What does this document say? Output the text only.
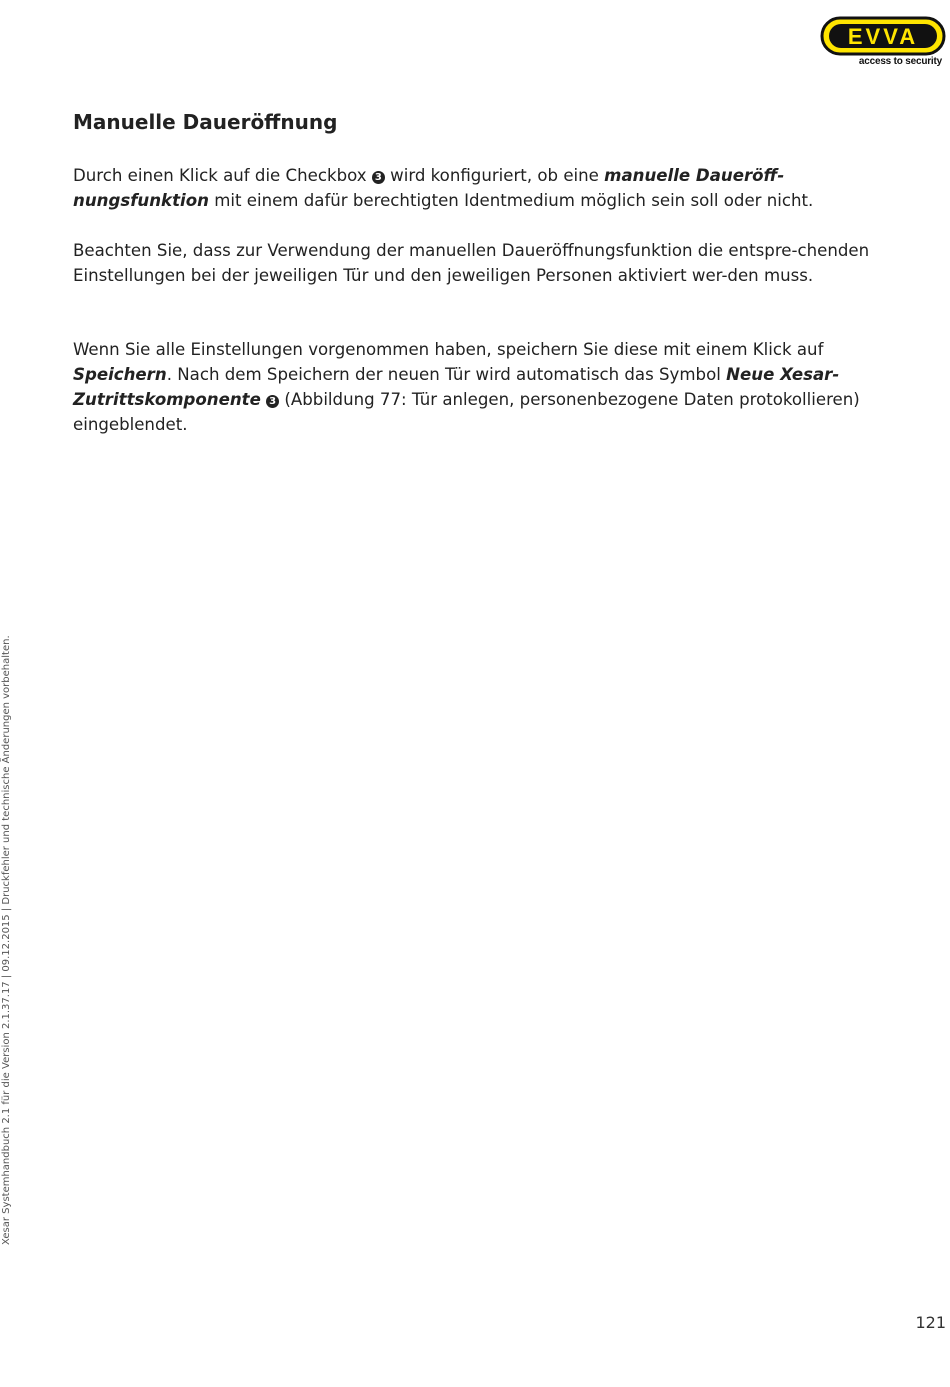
EVVA
access to security
Manuelle Daueröffnung

Durch einen Klick auf die Checkbox 3 wird konfiguriert, ob eine manuelle Daueröff-nungsfunktion mit einem dafür berechtigten Identmedium möglich sein soll oder nicht.

Beachten Sie, dass zur Verwendung der manuellen Daueröffnungsfunktion die entspre-chenden Einstellungen bei der jeweiligen Tür und den jeweiligen Personen aktiviert wer-den muss.

Wenn Sie alle Einstellungen vorgenommen haben, speichern Sie diese mit einem Klick auf Speichern. Nach dem Speichern der neuen Tür wird automatisch das Symbol Neue Xesar-Zutrittskomponente 3 (Abbildung 77: Tür anlegen, personenbezogene Daten protokollieren) eingeblendet.

Xesar Systemhandbuch 2.1 für die Version 2.1.37.17 | 09.12.2015 | Druckfehler und technische Änderungen vorbehalten.
121
